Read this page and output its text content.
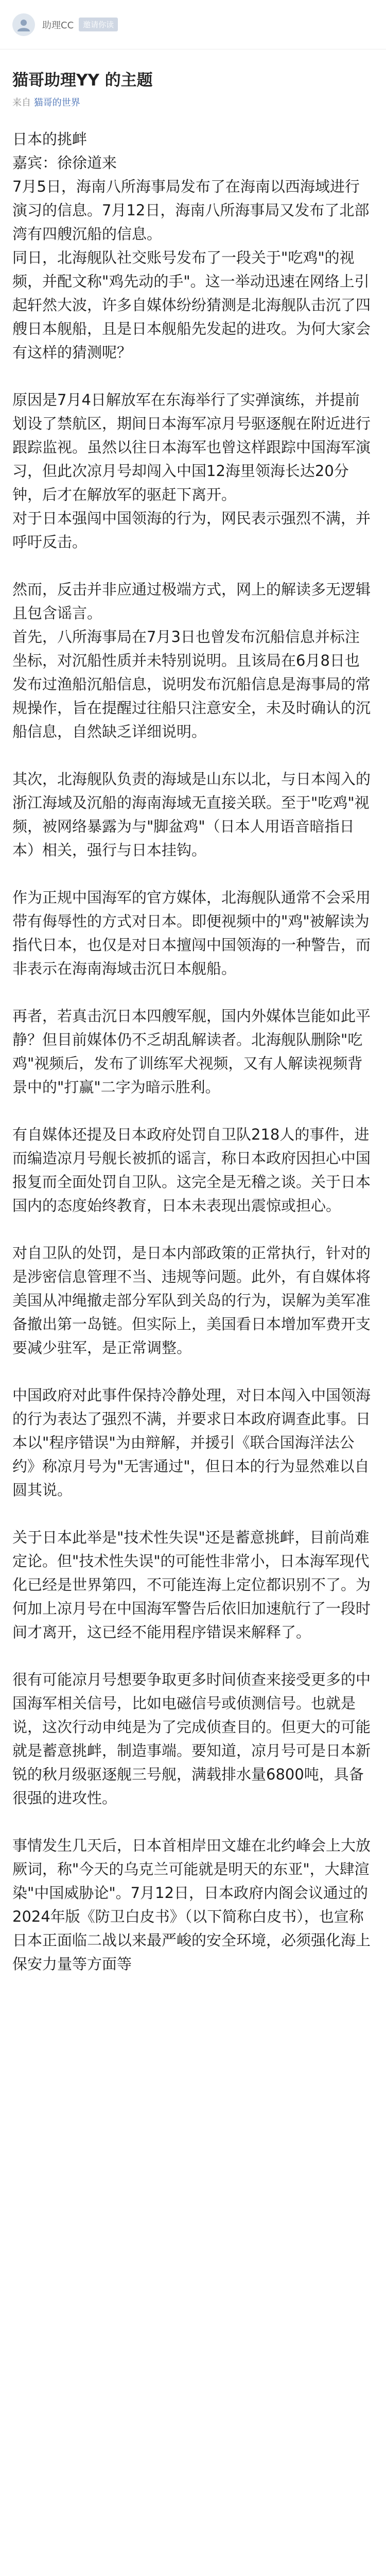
助理CC	邀请你读
猫哥助理YY 的主题
来自 猫哥的世界

日本的挑衅
嘉宾：徐徐道来

7月5日，海南八所海事局发布了在海南以西海域进行演习的信息。7月12日，海南八所海事局又发布了北部湾有四艘沉船的信息。
同日，北海舰队社交账号发布了一段关于"吃鸡"的视频，并配文称"鸡先动的手"。这一举动迅速在网络上引起轩然大波，许多自媒体纷纷猜测是北海舰队击沉了四艘日本舰船，且是日本舰船先发起的进攻。为何大家会有这样的猜测呢？

原因是7月4日解放军在东海举行了实弹演练，并提前划设了禁航区，期间日本海军凉月号驱逐舰在附近进行跟踪监视。虽然以往日本海军也曾这样跟踪中国海军演习，但此次凉月号却闯入中国12海里领海长达20分钟，后才在解放军的驱赶下离开。
对于日本强闯中国领海的行为，网民表示强烈不满，并呼吁反击。

然而，反击并非应通过极端方式，网上的解读多无逻辑且包含谣言。
首先，八所海事局在7月3日也曾发布沉船信息并标注坐标，对沉船性质并未特别说明。且该局在6月8日也发布过渔船沉船信息，说明发布沉船信息是海事局的常规操作，旨在提醒过往船只注意安全，未及时确认的沉船信息，自然缺乏详细说明。

其次，北海舰队负责的海域是山东以北，与日本闯入的浙江海域及沉船的海南海域无直接关联。至于"吃鸡"视频，被网络暴露为与"脚盆鸡"（日本人用语音暗指日本）相关，强行与日本挂钩。

作为正规中国海军的官方媒体，北海舰队通常不会采用带有侮辱性的方式对日本。即便视频中的"鸡"被解读为指代日本，也仅是对日本擅闯中国领海的一种警告，而非表示在海南海域击沉日本舰船。

再者，若真击沉日本四艘军舰，国内外媒体岂能如此平静？但目前媒体仍不乏胡乱解读者。北海舰队删除"吃鸡"视频后，发布了训练军犬视频，又有人解读视频背景中的"打赢"二字为暗示胜利。

有自媒体还提及日本政府处罚自卫队218人的事件，进而编造凉月号舰长被抓的谣言，称日本政府因担心中国报复而全面处罚自卫队。这完全是无稽之谈。关于日本国内的态度始终教育，日本未表现出震惊或担心。

对自卫队的处罚，是日本内部政策的正常执行，针对的是涉密信息管理不当、违规等问题。此外，有自媒体将美国从冲绳撤走部分军队到关岛的行为，误解为美军准备撤出第一岛链。但实际上，美国看日本增加军费开支要减少驻军，是正常调整。

中国政府对此事件保持冷静处理，对日本闯入中国领海的行为表达了强烈不满，并要求日本政府调查此事。日本以"程序错误"为由辩解，并援引《联合国海洋法公约》称凉月号为"无害通过"，但日本的行为显然难以自圆其说。

关于日本此举是"技术性失误"还是蓄意挑衅，目前尚难定论。但"技术性失误"的可能性非常小，日本海军现代化已经是世界第四，不可能连海上定位都识别不了。为何加上凉月号在中国海军警告后依旧加速航行了一段时间才离开，这已经不能用程序错误来解释了。

很有可能凉月号想要争取更多时间侦查来接受更多的中国海军相关信号，比如电磁信号或侦测信号。也就是说，这次行动申纯是为了完成侦查目的。但更大的可能就是蓄意挑衅，制造事端。要知道，凉月号可是日本新锐的秋月级驱逐舰三号舰，满载排水量6800吨，具备很强的进攻性。

事情发生几天后，日本首相岸田文雄在北约峰会上大放厥词，称"今天的乌克兰可能就是明天的东亚"，大肆渲染"中国威胁论"。7月12日，日本政府内阁会议通过的2024年版《防卫白皮书》（以下简称白皮书），也宣称日本正面临二战以来最严峻的安全环境，必须强化海上保安力量等方面等
